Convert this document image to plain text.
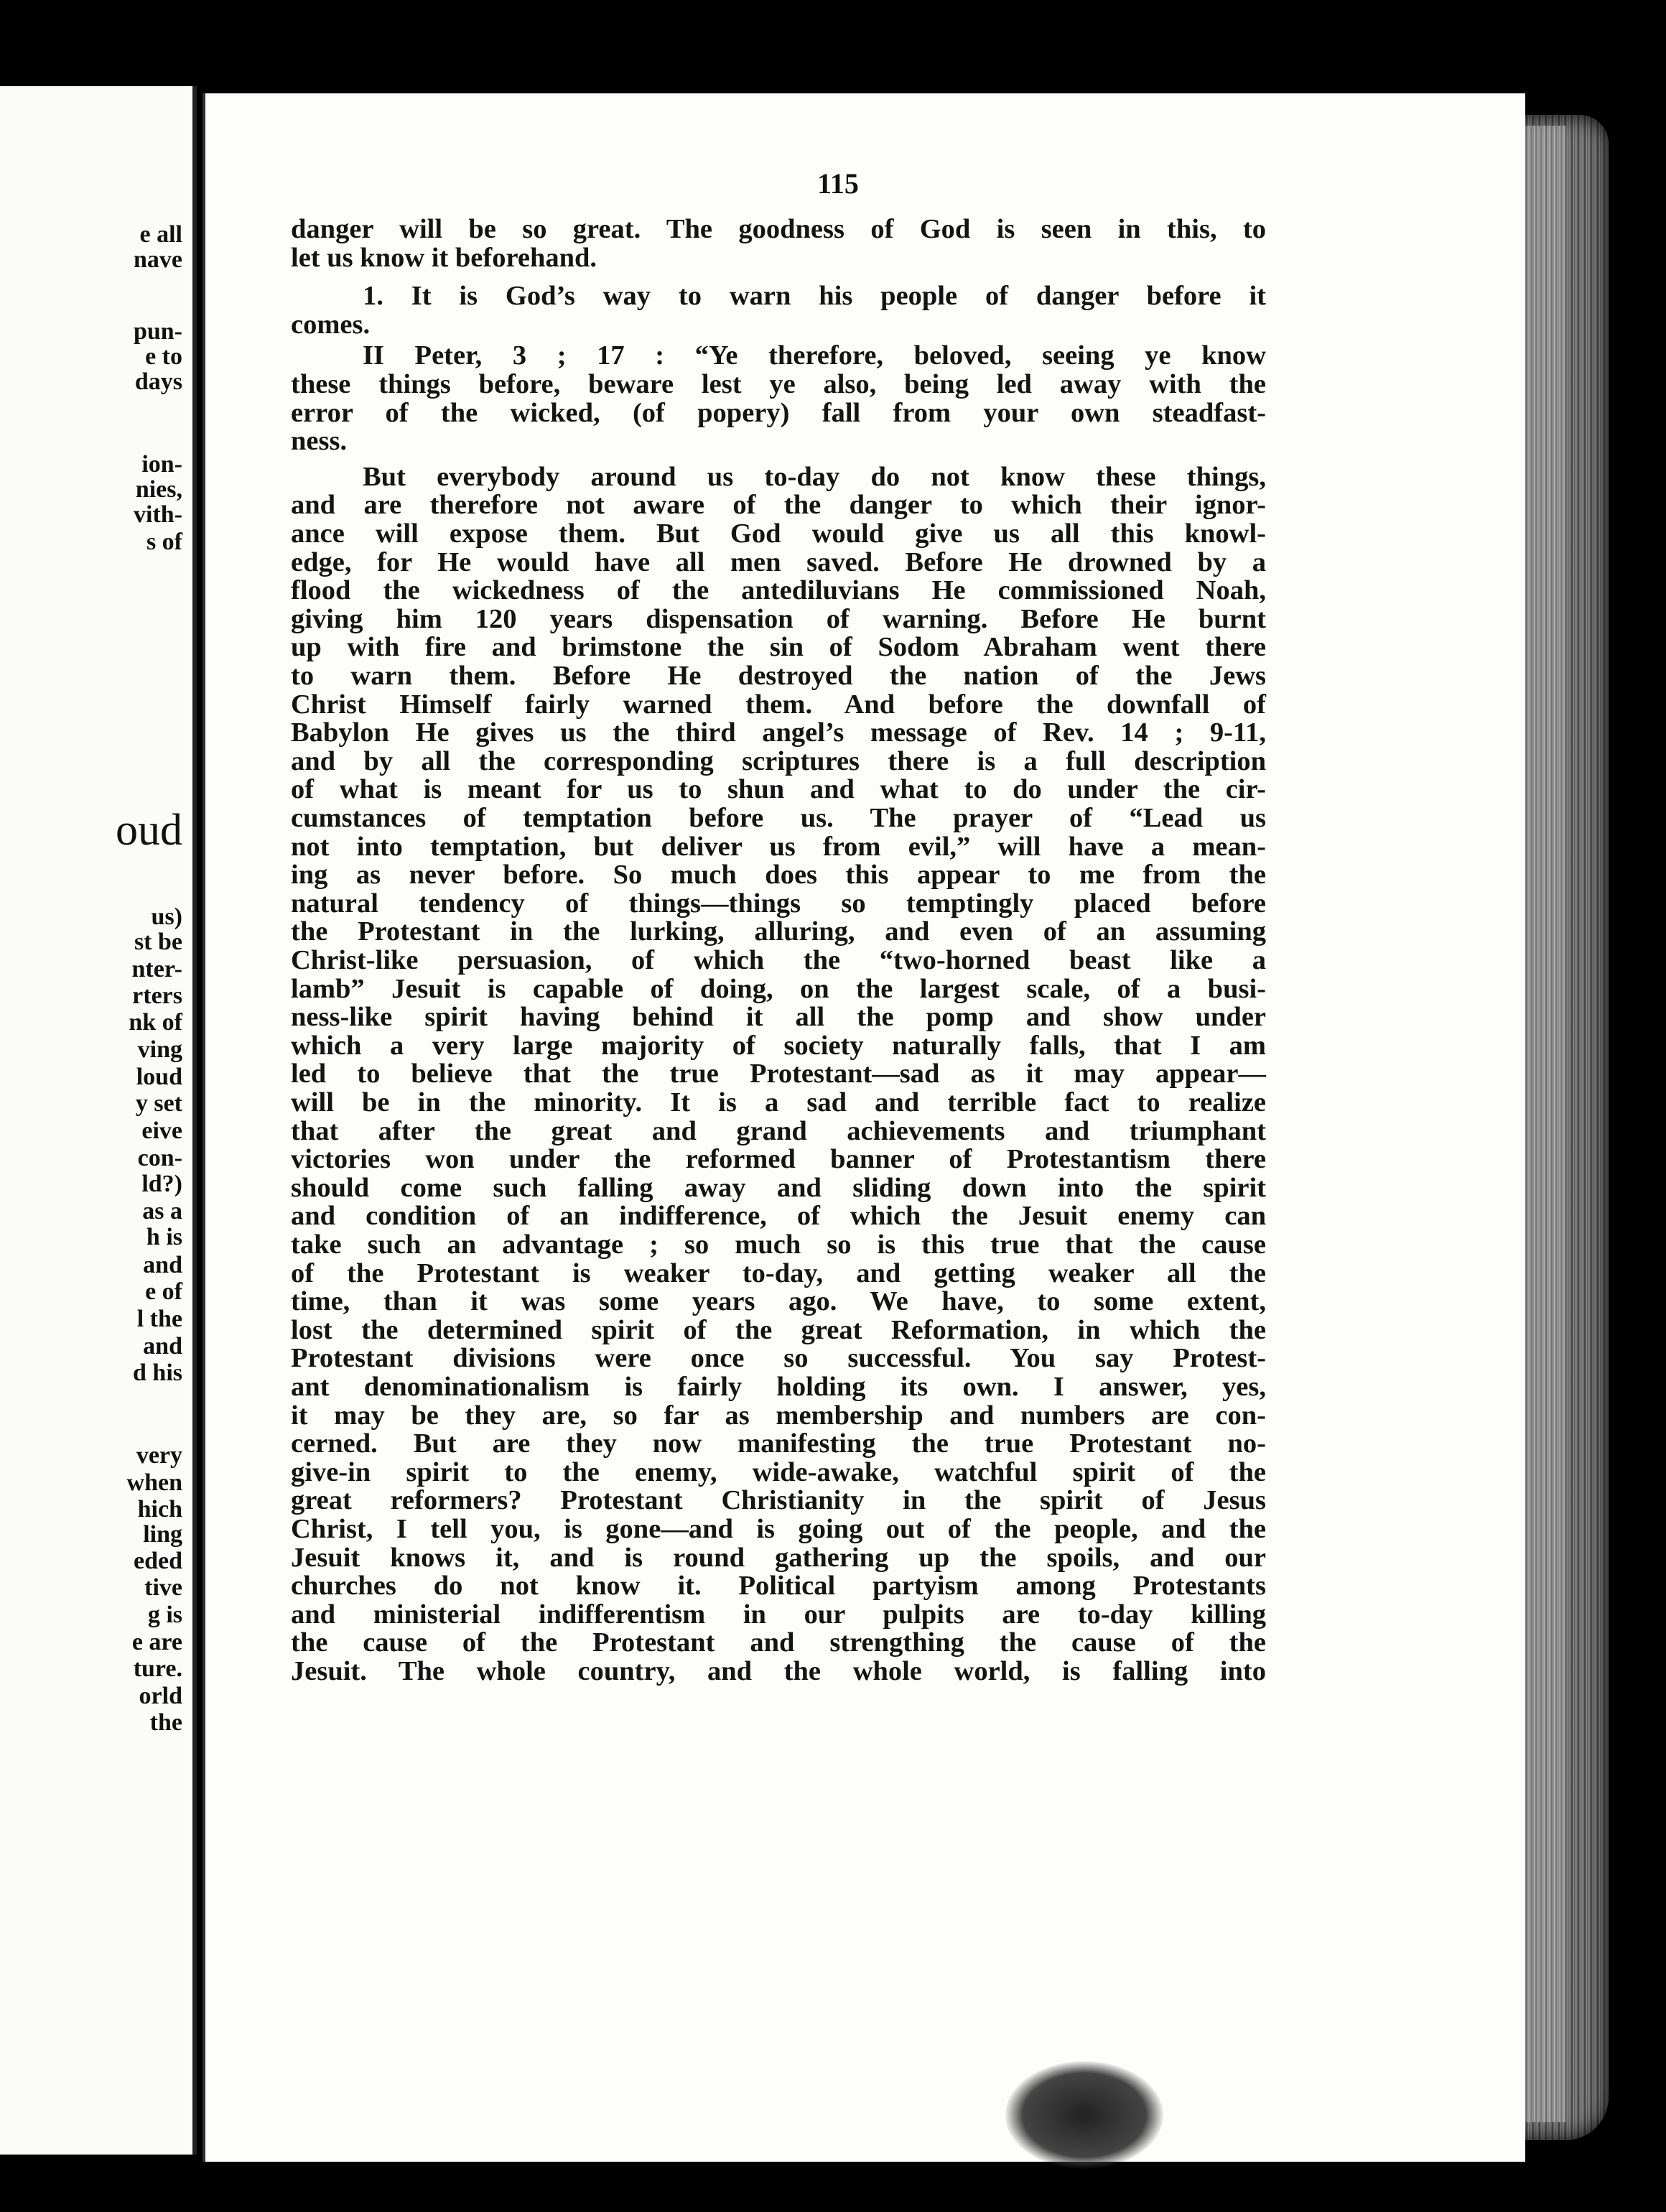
e all
nave
pun-
e to
days
ion-
nies,
vith-
s of
us)
st be
nter-
rters
nk of
ving
loud
y set
eive
con-
ld?)
as a
h is
and
e of
l the
and
d his
very
when
hich
ling
eded
tive
g is
e are
ture.
orld
the
oud
115
danger will be so great. The goodness of God is seen in this, to
let us know it beforehand.
1. It is God’s way to warn his people of danger before it
comes.
II Peter, 3 ; 17 : “Ye therefore, beloved, seeing ye know
these things before, beware lest ye also, being led away with the
error of the wicked, (of popery) fall from your own steadfast-
ness.
But everybody around us to-day do not know these things,
and are therefore not aware of the danger to which their ignor-
ance will expose them. But God would give us all this knowl-
edge, for He would have all men saved. Before He drowned by a
flood the wickedness of the antediluvians He commissioned Noah,
giving him 120 years dispensation of warning. Before He burnt
up with fire and brimstone the sin of Sodom Abraham went there
to warn them. Before He destroyed the nation of the Jews
Christ Himself fairly warned them. And before the downfall of
Babylon He gives us the third angel’s message of Rev. 14 ; 9-11,
and by all the corresponding scriptures there is a full description
of what is meant for us to shun and what to do under the cir-
cumstances of temptation before us. The prayer of “Lead us
not into temptation, but deliver us from evil,” will have a mean-
ing as never before. So much does this appear to me from the
natural tendency of things—things so temptingly placed before
the Protestant in the lurking, alluring, and even of an assuming
Christ-like persuasion, of which the “two-horned beast like a
lamb” Jesuit is capable of doing, on the largest scale, of a busi-
ness-like spirit having behind it all the pomp and show under
which a very large majority of society naturally falls, that I am
led to believe that the true Protestant—sad as it may appear—
will be in the minority. It is a sad and terrible fact to realize
that after the great and grand achievements and triumphant
victories won under the reformed banner of Protestantism there
should come such falling away and sliding down into the spirit
and condition of an indifference, of which the Jesuit enemy can
take such an advantage ; so much so is this true that the cause
of the Protestant is weaker to-day, and getting weaker all the
time, than it was some years ago. We have, to some extent,
lost the determined spirit of the great Reformation, in which the
Protestant divisions were once so successful. You say Protest-
ant denominationalism is fairly holding its own. I answer, yes,
it may be they are, so far as membership and numbers are con-
cerned. But are they now manifesting the true Protestant no-
give-in spirit to the enemy, wide-awake, watchful spirit of the
great reformers? Protestant Christianity in the spirit of Jesus
Christ, I tell you, is gone—and is going out of the people, and the
Jesuit knows it, and is round gathering up the spoils, and our
churches do not know it. Political partyism among Protestants
and ministerial indifferentism in our pulpits are to-day killing
the cause of the Protestant and strengthing the cause of the
Jesuit. The whole country, and the whole world, is falling into
